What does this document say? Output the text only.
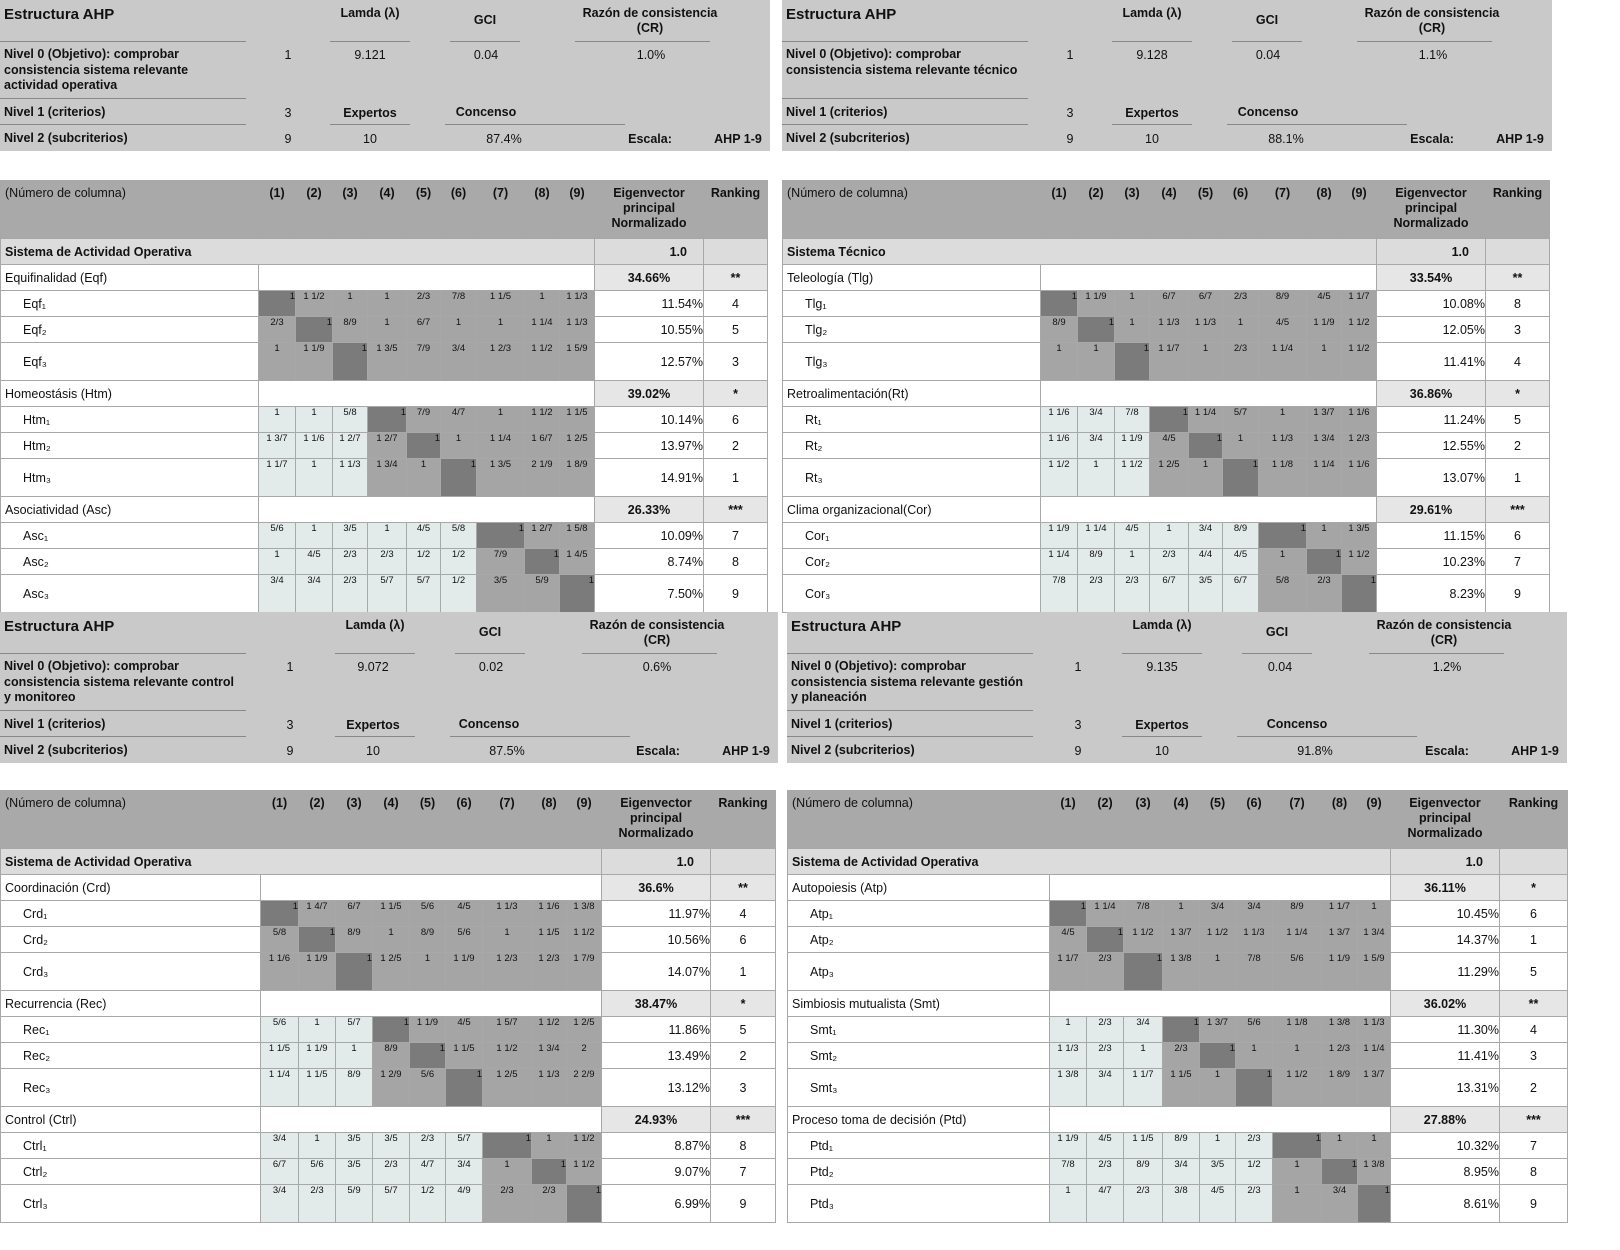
Estructura AHP	Lamda (λ)	GCI	Razón de consistencia (CR)
Nivel 0 (Objetivo): comprobar consistencia sistema relevante actividad operativa
1	9.121	0.04	1.0%
Nivel 1 (criterios)	3	Expertos	Concenso
Nivel 2 (subcriterios)	9	10	87.4%	Escala:	AHP 1-9
(Número de columna)	(1)	(2)	(3)	(4)	(5)	(6)	(7)	(8)	(9)	Eigenvector principal Normalizado	Ranking
Sistema de Actividad Operativa										1.0	
Equifinalidad (Eqf)										34.66%	**
Eqf₁	1	1 1/2	1	1	2/3	7/8	1 1/5	1	1 1/3	11.54%	4
Eqf₂	2/3	1	8/9	1	6/7	1	1	1 1/4	1 1/3	10.55%	5
Eqf₃	1	1 1/9	1	1 3/5	7/9	3/4	1 2/3	1 1/2	1 5/9	12.57%	3
Homeostásis (Htm)										39.02%	*
Htm₁	1	1	5/8	1	7/9	4/7	1	1 1/2	1 1/5	10.14%	6
Htm₂	1 3/7	1 1/6	1 2/7	1 2/7	1	1	1 1/4	1 6/7	1 2/5	13.97%	2
Htm₃	1 1/7	1	1 1/3	1 3/4	1	1	1 3/5	2 1/9	1 8/9	14.91%	1
Asociatividad (Asc)										26.33%	***
Asc₁	5/6	1	3/5	1	4/5	5/8	1	1 2/7	1 5/8	10.09%	7
Asc₂	1	4/5	2/3	2/3	1/2	1/2	7/9	1	1 4/5	8.74%	8
Asc₃	3/4	3/4	2/3	5/7	5/7	1/2	3/5	5/9	1	7.50%	9
Estructura AHP	Lamda (λ)	GCI	Razón de consistencia (CR)
Nivel 0 (Objetivo): comprobar consistencia sistema relevante técnico
1	9.128	0.04	1.1%
Nivel 1 (criterios)	3	Expertos	Concenso
Nivel 2 (subcriterios)	9	10	88.1%	Escala:	AHP 1-9
(Número de columna)	(1)	(2)	(3)	(4)	(5)	(6)	(7)	(8)	(9)	Eigenvector principal Normalizado	Ranking
Sistema Técnico										1.0	
Teleología (Tlg)										33.54%	**
Tlg₁	1	1 1/9	1	6/7	6/7	2/3	8/9	4/5	1 1/7	10.08%	8
Tlg₂	8/9	1	1	1 1/3	1 1/3	1	4/5	1 1/9	1 1/2	12.05%	3
Tlg₃	1	1	1	1 1/7	1	2/3	1 1/4	1	1 1/2	11.41%	4
Retroalimentación(Rt)										36.86%	*
Rt₁	1 1/6	3/4	7/8	1	1 1/4	5/7	1	1 3/7	1 1/6	11.24%	5
Rt₂	1 1/6	3/4	1 1/9	4/5	1	1	1 1/3	1 3/4	1 2/3	12.55%	2
Rt₃	1 1/2	1	1 1/2	1 2/5	1	1	1 1/8	1 1/4	1 1/6	13.07%	1
Clima organizacional(Cor)										29.61%	***
Cor₁	1 1/9	1 1/4	4/5	1	3/4	8/9	1	1	1 3/5	11.15%	6
Cor₂	1 1/4	8/9	1	2/3	4/4	4/5	1	1	1 1/2	10.23%	7
Cor₃	7/8	2/3	2/3	6/7	3/5	6/7	5/8	2/3	1	8.23%	9
Estructura AHP	Lamda (λ)	GCI	Razón de consistencia (CR)
Nivel 0 (Objetivo): comprobar consistencia sistema relevante control y monitoreo
1	9.072	0.02	0.6%
Nivel 1 (criterios)	3	Expertos	Concenso
Nivel 2 (subcriterios)	9	10	87.5%	Escala:	AHP 1-9
(Número de columna)	(1)	(2)	(3)	(4)	(5)	(6)	(7)	(8)	(9)	Eigenvector principal Normalizado	Ranking
Sistema de Actividad Operativa										1.0	
Coordinación (Crd)										36.6%	**
Crd₁	1	1 4/7	6/7	1 1/5	5/6	4/5	1 1/3	1 1/6	1 3/8	11.97%	4
Crd₂	5/8	1	8/9	1	8/9	5/6	1	1 1/5	1 1/2	10.56%	6
Crd₃	1 1/6	1 1/9	1	1 2/5	1	1 1/9	1 2/3	1 2/3	1 7/9	14.07%	1
Recurrencia (Rec)										38.47%	*
Rec₁	5/6	1	5/7	1	1 1/9	4/5	1 5/7	1 1/2	1 2/5	11.86%	5
Rec₂	1 1/5	1 1/9	1	8/9	1	1 1/5	1 1/2	1 3/4	2	13.49%	2
Rec₃	1 1/4	1 1/5	8/9	1 2/9	5/6	1	1 2/5	1 1/3	2 2/9	13.12%	3
Control (Ctrl)										24.93%	***
Ctrl₁	3/4	1	3/5	3/5	2/3	5/7	1	1	1 1/2	8.87%	8
Ctrl₂	6/7	5/6	3/5	2/3	4/7	3/4	1	1	1 1/2	9.07%	7
Ctrl₃	3/4	2/3	5/9	5/7	1/2	4/9	2/3	2/3	1	6.99%	9
Estructura AHP	Lamda (λ)	GCI	Razón de consistencia (CR)
Nivel 0 (Objetivo): comprobar consistencia sistema relevante gestión y planeación
1	9.135	0.04	1.2%
Nivel 1 (criterios)	3	Expertos	Concenso
Nivel 2 (subcriterios)	9	10	91.8%	Escala:	AHP 1-9
(Número de columna)	(1)	(2)	(3)	(4)	(5)	(6)	(7)	(8)	(9)	Eigenvector principal Normalizado	Ranking
Sistema de Actividad Operativa										1.0	
Autopoiesis (Atp)										36.11%	*
Atp₁	1	1 1/4	7/8	1	3/4	3/4	8/9	1 1/7	1	10.45%	6
Atp₂	4/5	1	1 1/2	1 3/7	1 1/2	1 1/3	1 1/4	1 3/7	1 3/4	14.37%	1
Atp₃	1 1/7	2/3	1	1 3/8	1	7/8	5/6	1 1/9	1 5/9	11.29%	5
Simbiosis mutualista (Smt)										36.02%	**
Smt₁	1	2/3	3/4	1	1 3/7	5/6	1 1/8	1 3/8	1 1/3	11.30%	4
Smt₂	1 1/3	2/3	1	2/3	1	1	1	1 2/3	1 1/4	11.41%	3
Smt₃	1 3/8	3/4	1 1/7	1 1/5	1	1	1 1/2	1 8/9	1 3/7	13.31%	2
Proceso toma de decisión (Ptd)										27.88%	***
Ptd₁	1 1/9	4/5	1 1/5	8/9	1	2/3	1	1	1	10.32%	7
Ptd₂	7/8	2/3	8/9	3/4	3/5	1/2	1	1	1 3/8	8.95%	8
Ptd₃	1	4/7	2/3	3/8	4/5	2/3	1	3/4	1	8.61%	9
